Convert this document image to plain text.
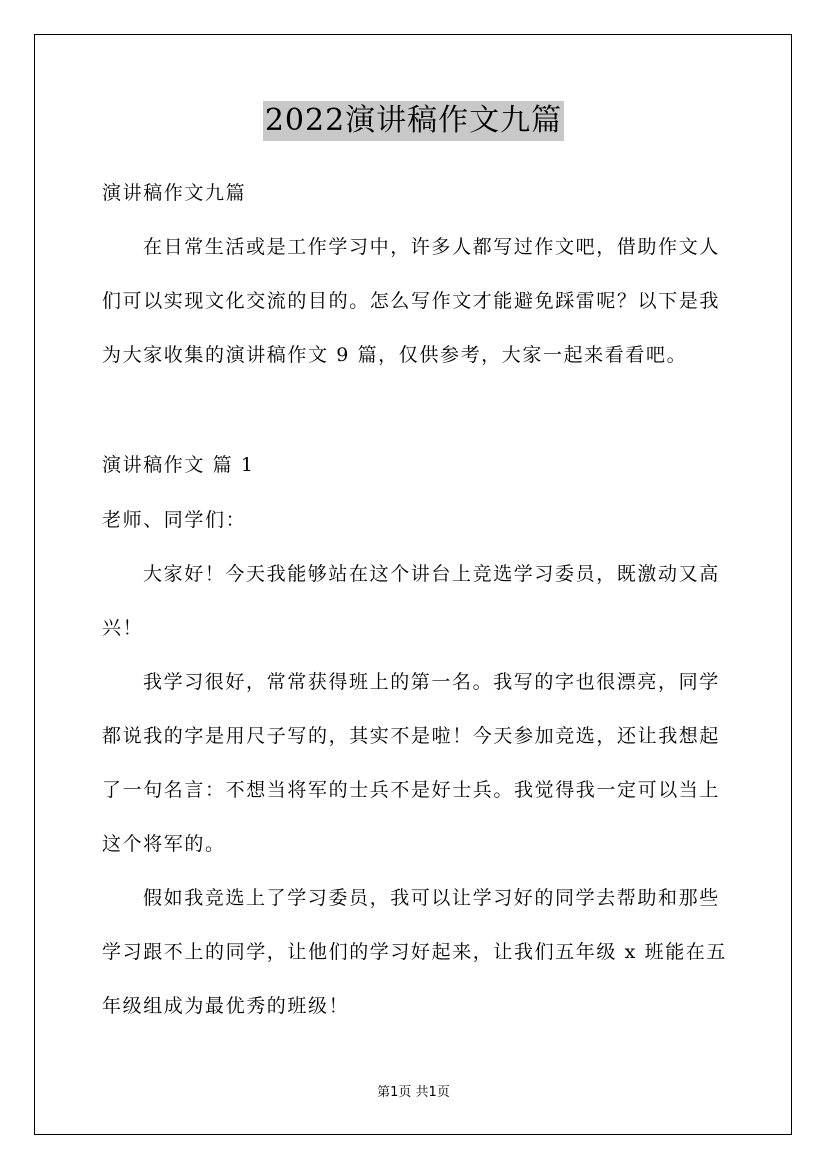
2022演讲稿作文九篇
演讲稿作文九篇
在日常生活或是工作学习中，许多人都写过作文吧，借助作文人
们可以实现文化交流的目的。怎么写作文才能避免踩雷呢？以下是我
为大家收集的演讲稿作文 9 篇，仅供参考，大家一起来看看吧。
演讲稿作文 篇 1
老师、同学们：
大家好！今天我能够站在这个讲台上竞选学习委员，既激动又高
兴！
我学习很好，常常获得班上的第一名。我写的字也很漂亮，同学
都说我的字是用尺子写的，其实不是啦！今天参加竞选，还让我想起
了一句名言：不想当将军的士兵不是好士兵。我觉得我一定可以当上
这个将军的。
假如我竞选上了学习委员，我可以让学习好的同学去帮助和那些
学习跟不上的同学，让他们的学习好起来，让我们五年级 x 班能在五
年级组成为最优秀的班级！
第1页 共1页
